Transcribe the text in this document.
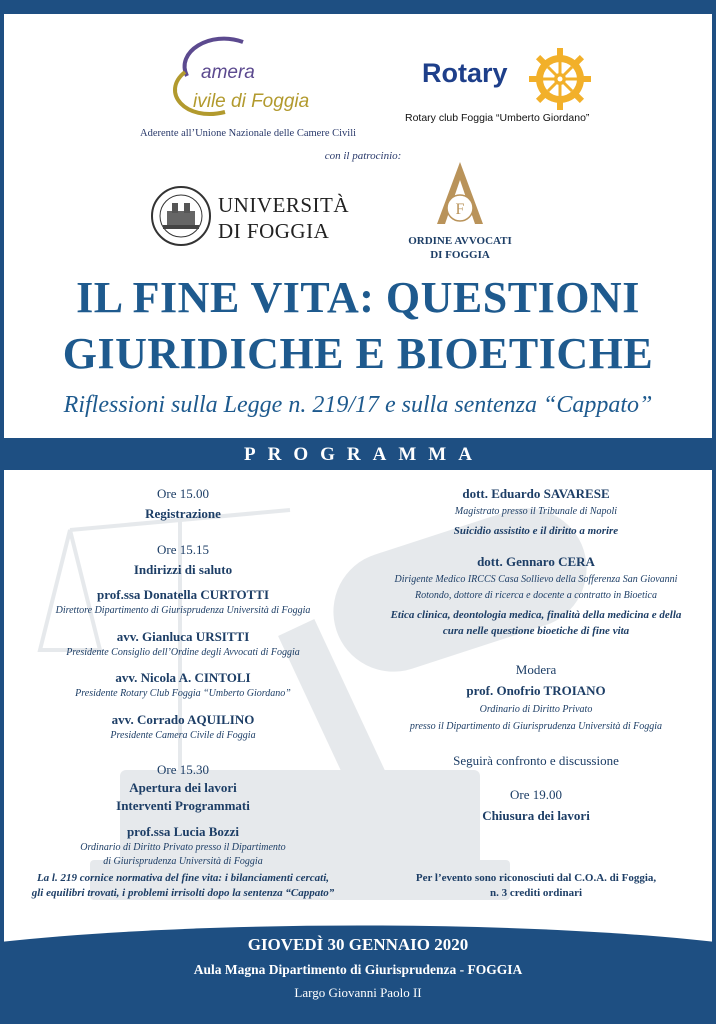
amera
ivile di Foggia
Aderente all’Unione Nazionale delle Camere Civili
Rotary
Rotary club Foggia “Umberto Giordano”
con il patrocinio:
UNIVERSITÀ
DI FOGGIA
F
ORDINE AVVOCATI
DI FOGGIA
IL FINE VITA: QUESTIONI
GIURIDICHE E BIOETICHE
Riflessioni sulla Legge n. 219/17 e sulla sentenza “Cappato”
PROGRAMMA
Ore 15.00
Registrazione
Ore 15.15
Indirizzi di saluto
prof.ssa Donatella CURTOTTI
Direttore Dipartimento di Giurisprudenza Università di Foggia
avv. Gianluca URSITTI
Presidente Consiglio dell’Ordine degli Avvocati di Foggia
avv. Nicola A. CINTOLI
Presidente Rotary Club Foggia “Umberto Giordano”
avv. Corrado AQUILINO
Presidente Camera Civile di Foggia
Ore 15.30
Apertura dei lavori
Interventi Programmati
prof.ssa Lucia Bozzi
Ordinario di Diritto Privato presso il Dipartimento
di Giurisprudenza Università di Foggia
La l. 219 cornice normativa del fine vita: i bilanciamenti cercati,
gli equilibri trovati, i problemi irrisolti dopo la sentenza “Cappato”
dott. Eduardo SAVARESE
Magistrato presso il Tribunale di Napoli
Suicidio assistito e il diritto a morire
dott. Gennaro CERA
Dirigente Medico IRCCS Casa Sollievo della Sofferenza San Giovanni
Rotondo, dottore di ricerca e docente a contratto in Bioetica
Etica clinica, deontologia medica, finalità della medicina e della
cura nelle questione bioetiche di fine vita
Modera
prof. Onofrio TROIANO
Ordinario di Diritto Privato
presso il Dipartimento di Giurisprudenza Università di Foggia
Seguirà confronto e discussione
Ore 19.00
Chiusura dei lavori
Per l’evento sono riconosciuti dal C.O.A. di Foggia,
n. 3 crediti ordinari
GIOVEDÌ 30 GENNAIO 2020
Aula Magna Dipartimento di Giurisprudenza - FOGGIA
Largo Giovanni Paolo II
